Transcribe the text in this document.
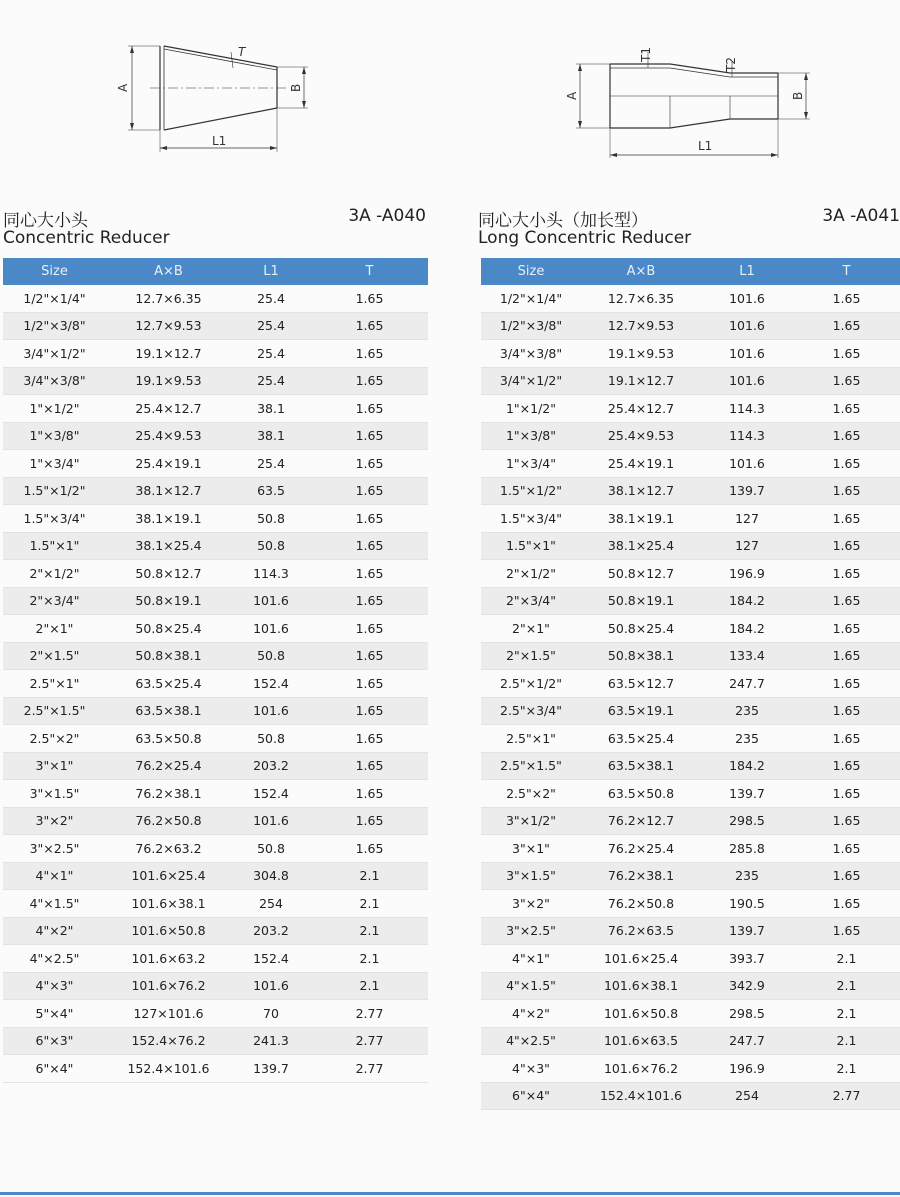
T
A	B
L1
T1
T2
A	B
L1
同心大小头
Concentric Reducer
3A -A040	同心大小头（加长型）
Long Concentric Reducer
3A -A041
Size	A×B	L1	T
1/2"×1/4"	12.7×6.35	25.4	1.65
1/2"×3/8"	12.7×9.53	25.4	1.65
3/4"×1/2"	19.1×12.7	25.4	1.65
3/4"×3/8"	19.1×9.53	25.4	1.65
1"×1/2"	25.4×12.7	38.1	1.65
1"×3/8"	25.4×9.53	38.1	1.65
1"×3/4"	25.4×19.1	25.4	1.65
1.5"×1/2"	38.1×12.7	63.5	1.65
1.5"×3/4"	38.1×19.1	50.8	1.65
1.5"×1"	38.1×25.4	50.8	1.65
2"×1/2"	50.8×12.7	114.3	1.65
2"×3/4"	50.8×19.1	101.6	1.65
2"×1"	50.8×25.4	101.6	1.65
2"×1.5"	50.8×38.1	50.8	1.65
2.5"×1"	63.5×25.4	152.4	1.65
2.5"×1.5"	63.5×38.1	101.6	1.65
2.5"×2"	63.5×50.8	50.8	1.65
3"×1"	76.2×25.4	203.2	1.65
3"×1.5"	76.2×38.1	152.4	1.65
3"×2"	76.2×50.8	101.6	1.65
3"×2.5"	76.2×63.2	50.8	1.65
4"×1"	101.6×25.4	304.8	2.1
4"×1.5"	101.6×38.1	254	2.1
4"×2"	101.6×50.8	203.2	2.1
4"×2.5"	101.6×63.2	152.4	2.1
4"×3"	101.6×76.2	101.6	2.1
5"×4"	127×101.6	70	2.77
6"×3"	152.4×76.2	241.3	2.77
6"×4"	152.4×101.6	139.7	2.77
Size	A×B	L1	T
1/2"×1/4"	12.7×6.35	101.6	1.65
1/2"×3/8"	12.7×9.53	101.6	1.65
3/4"×3/8"	19.1×9.53	101.6	1.65
3/4"×1/2"	19.1×12.7	101.6	1.65
1"×1/2"	25.4×12.7	114.3	1.65
1"×3/8"	25.4×9.53	114.3	1.65
1"×3/4"	25.4×19.1	101.6	1.65
1.5"×1/2"	38.1×12.7	139.7	1.65
1.5"×3/4"	38.1×19.1	127	1.65
1.5"×1"	38.1×25.4	127	1.65
2"×1/2"	50.8×12.7	196.9	1.65
2"×3/4"	50.8×19.1	184.2	1.65
2"×1"	50.8×25.4	184.2	1.65
2"×1.5"	50.8×38.1	133.4	1.65
2.5"×1/2"	63.5×12.7	247.7	1.65
2.5"×3/4"	63.5×19.1	235	1.65
2.5"×1"	63.5×25.4	235	1.65
2.5"×1.5"	63.5×38.1	184.2	1.65
2.5"×2"	63.5×50.8	139.7	1.65
3"×1/2"	76.2×12.7	298.5	1.65
3"×1"	76.2×25.4	285.8	1.65
3"×1.5"	76.2×38.1	235	1.65
3"×2"	76.2×50.8	190.5	1.65
3"×2.5"	76.2×63.5	139.7	1.65
4"×1"	101.6×25.4	393.7	2.1
4"×1.5"	101.6×38.1	342.9	2.1
4"×2"	101.6×50.8	298.5	2.1
4"×2.5"	101.6×63.5	247.7	2.1
4"×3"	101.6×76.2	196.9	2.1
6"×4"	152.4×101.6	254	2.77
